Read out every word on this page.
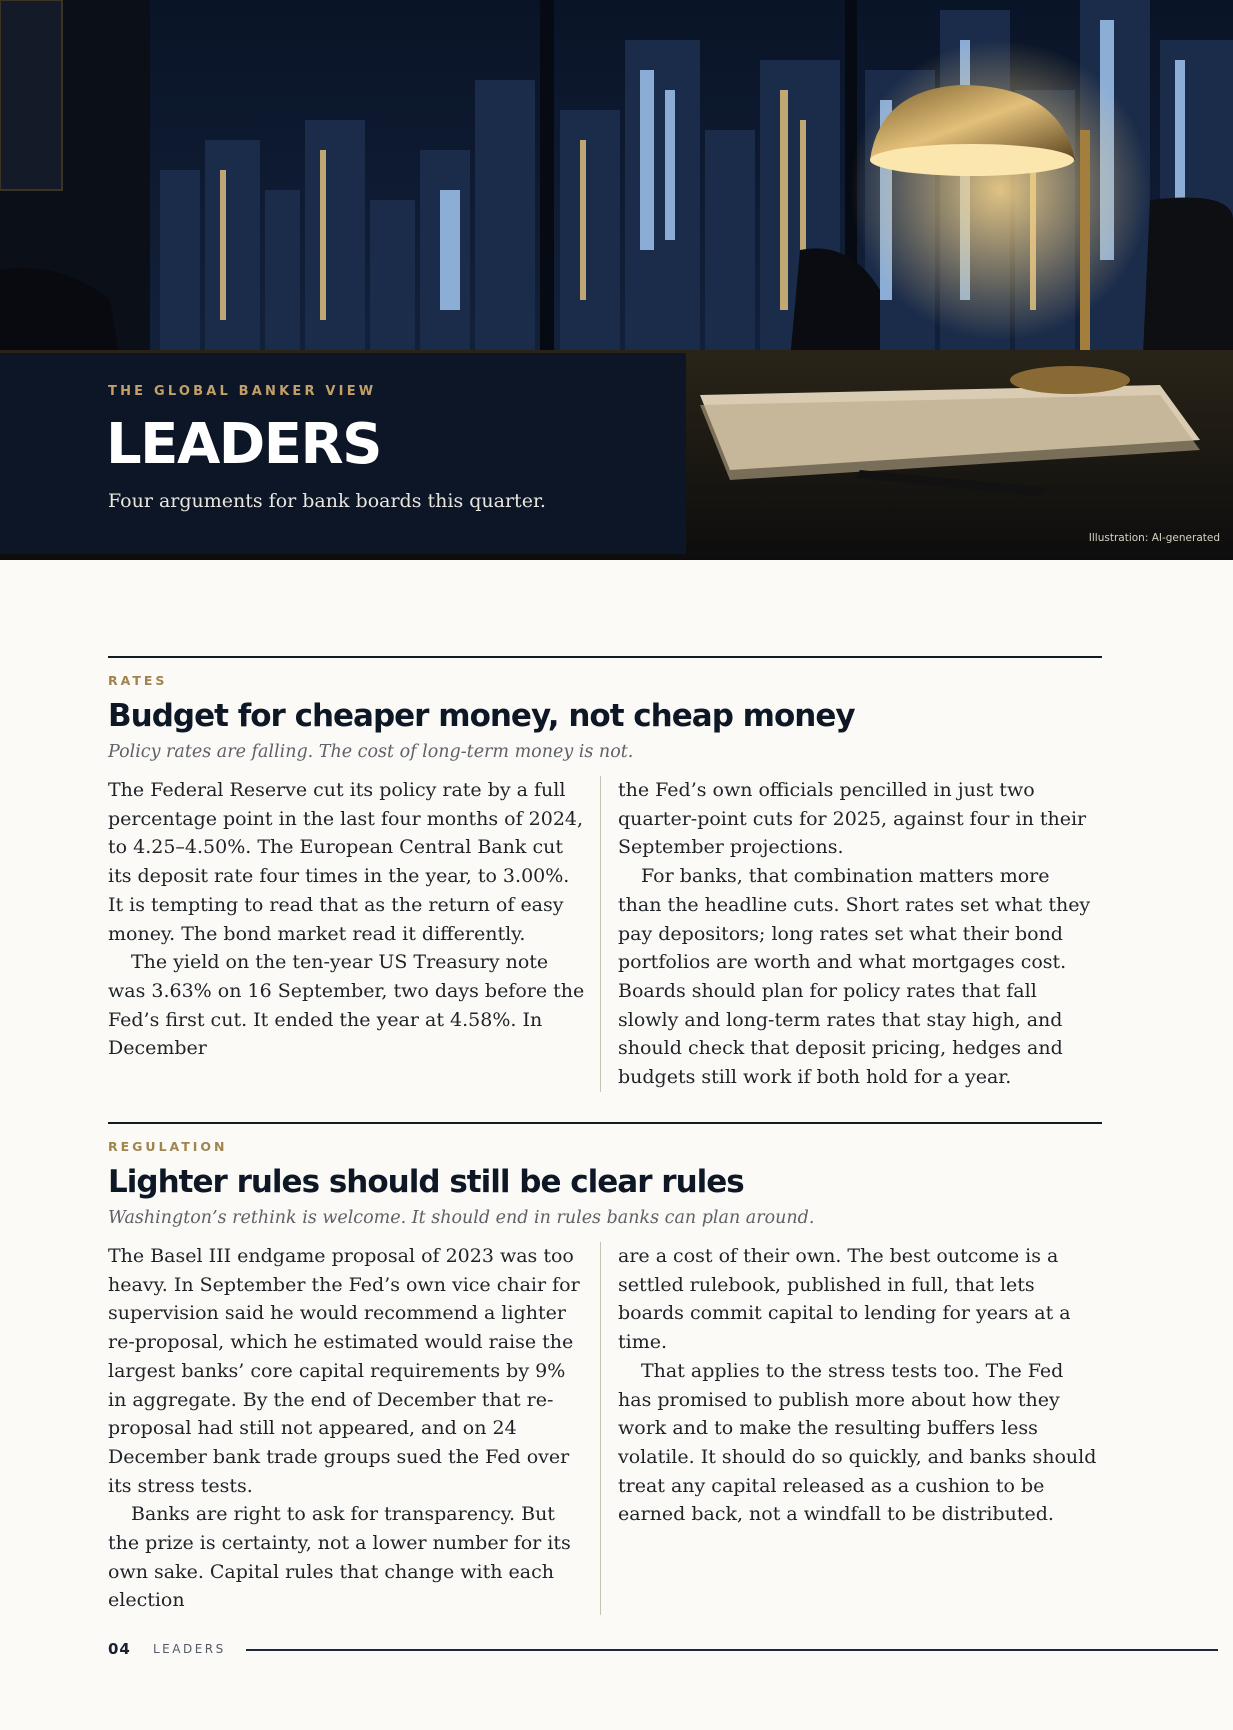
THE GLOBAL BANKER VIEW
LEADERS
Four arguments for bank boards this quarter.
Illustration: AI-generated
RATES
Budget for cheaper money, not cheap money
Policy rates are falling. The cost of long-term money is not.

The Federal Reserve cut its policy rate by a full percentage point in the last four months of 2024, to 4.25–4.50%. The European Central Bank cut its deposit rate four times in the year, to 3.00%. It is tempting to read that as the return of easy money. The bond market read it differently.

The yield on the ten-year US Treasury note was 3.63% on 16 September, two days before the Fed’s first cut. It ended the year at 4.58%. In December

the Fed’s own officials pencilled in just two quarter-point cuts for 2025, against four in their September projections.

For banks, that combination matters more than the headline cuts. Short rates set what they pay depositors; long rates set what their bond portfolios are worth and what mortgages cost. Boards should plan for policy rates that fall slowly and long-term rates that stay high, and should check that deposit pricing, hedges and budgets still work if both hold for a year.

REGULATION
Lighter rules should still be clear rules
Washington’s rethink is welcome. It should end in rules banks can plan around.

The Basel III endgame proposal of 2023 was too heavy. In September the Fed’s own vice chair for supervision said he would recommend a lighter re-proposal, which he estimated would raise the largest banks’ core capital requirements by 9% in aggregate. By the end of December that re-proposal had still not appeared, and on 24 December bank trade groups sued the Fed over its stress tests.

Banks are right to ask for transparency. But the prize is certainty, not a lower number for its own sake. Capital rules that change with each election

are a cost of their own. The best outcome is a settled rulebook, published in full, that lets boards commit capital to lending for years at a time.

That applies to the stress tests too. The Fed has promised to publish more about how they work and to make the resulting buffers less volatile. It should do so quickly, and banks should treat any capital released as a cushion to be earned back, not a windfall to be distributed.

04 LEADERS
